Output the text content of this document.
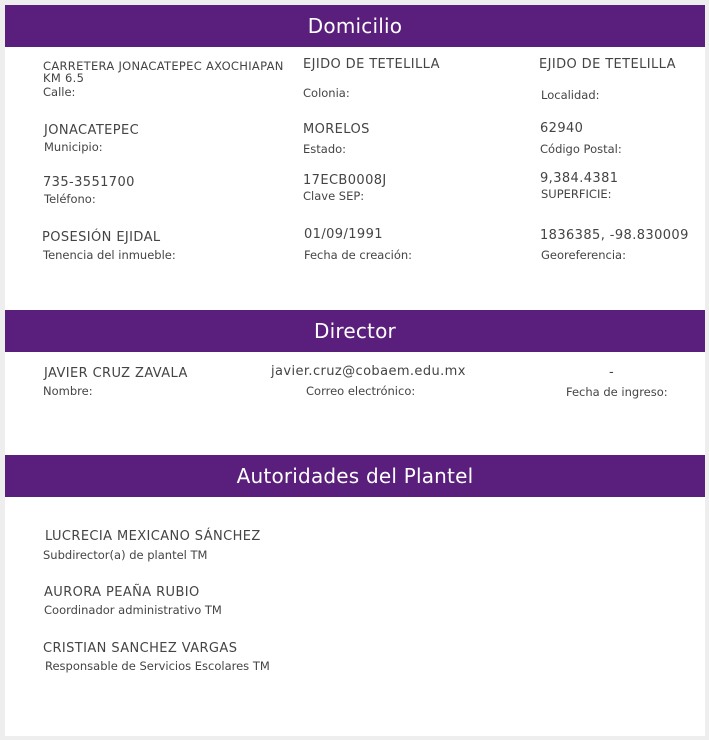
Domicilio
CARRETERA JONACATEPEC AXOCHIAPAN KM 6.5
Calle:
EJIDO DE TETELILLA
Colonia:
EJIDO DE TETELILLA
Localidad:
JONACATEPEC
Municipio:
MORELOS
Estado:
62940
Código Postal:
735-3551700
Teléfono:
17ECB0008J
Clave SEP:
9,384.4381
SUPERFICIE:
POSESIÓN EJIDAL
Tenencia del inmueble:
01/09/1991
Fecha de creación:
1836385, -98.830009
Georeferencia:
Director
JAVIER CRUZ ZAVALA
Nombre:
javier.cruz@cobaem.edu.mx
Correo electrónico:
-
Fecha de ingreso:
Autoridades del Plantel
LUCRECIA MEXICANO SÁNCHEZ
Subdirector(a) de plantel TM
AURORA PEAÑA RUBIO
Coordinador administrativo TM
CRISTIAN SANCHEZ VARGAS
Responsable de Servicios Escolares TM
